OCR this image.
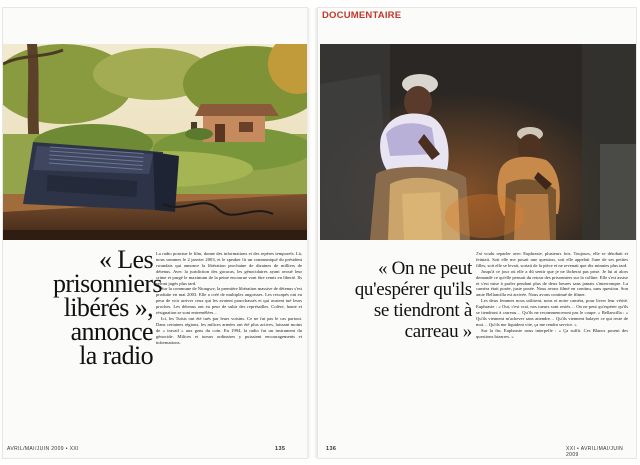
« Les prisonniers libérés », annonce la radio

La radio ponctue le film, donne des informations et des repères temporels. Là, nous sommes le 2 janvier 2003, et le speaker lit un communiqué du président rwandais qui annonce la libération prochaine de dizaines de milliers de détenus. Avec la juridiction des gacacas, les génocidaires ayant avoué leur crime et purgé le maximum de la peine encourue vont être remis en liberté. Ils seront jugés plus tard.

Sur la commune de Ntongwe, la première libération massive de détenus s'est produite en mai 2003. Elle a créé de multiples angoisses. Les rescapés ont eu peur de voir arriver ceux qui les avaient pourchassés et qui avaient tué leurs proches. Les détenus ont eu peur de subir des représailles. Colère, honte et résignation se sont entremêlées…

Ici, les Tutsis ont été tués par leurs voisins. Ce ne fut pas le cas partout. Dans certaines régions, les milices armées ont été plus actives, laissant moins de « travail » aux gens du coin. En 1994, la radio fut un instrument du génocide. Milices et tueurs ordinaires y puisaient encouragements et informations.

AVRIL/MAI/JUIN 2009 • XXI	135

DOCUMENTAIRE

« On ne peut qu'espérer qu'ils se tiendront à carreau »

J'ai voulu reparler avec Euphrasie, plusieurs fois. Toujours, elle se dérobait et feintait. Soit elle me posait une question, soit elle appelait l'une de ses petites filles, soit elle se levait, sortait de la pièce et ne revenait que dix minutes plus tard.

Jusqu'à ce jour où elle a dû sentir que je ne lâcherai pas prise. Je lui ai alors demandé ce qu'elle pensait du retour des prisonniers sur la colline. Elle s'est assise et s'est mise à parler pendant plus de deux heures sans jamais s'interrompre. La caméra était posée, juste posée. Nous avons filmé en continu, sans question. Son amie Bellancilla est arrivée. Nous avons continué de filmer.

Les deux femmes nous utilisent, nous et notre caméra, pour livrer leur vérité. Euphrasie : « Oui, c'est vrai, nos tueurs sont restés… On ne peut qu'espérer qu'ils se tiendront à carreau… Qu'ils ne recommenceront pas le coupe. » Bellancilla : « Qu'ils viennent m'achever sans attendre… Qu'ils viennent balayer ce qui reste de moi… Qu'ils me liquident vite, ça me rendra service. »

Sur la fin, Euphrasie nous interpelle : « Ça suffit. Ces Blancs posent des questions bizarres. »

136	XXI • AVRIL/MAI/JUIN 2009
